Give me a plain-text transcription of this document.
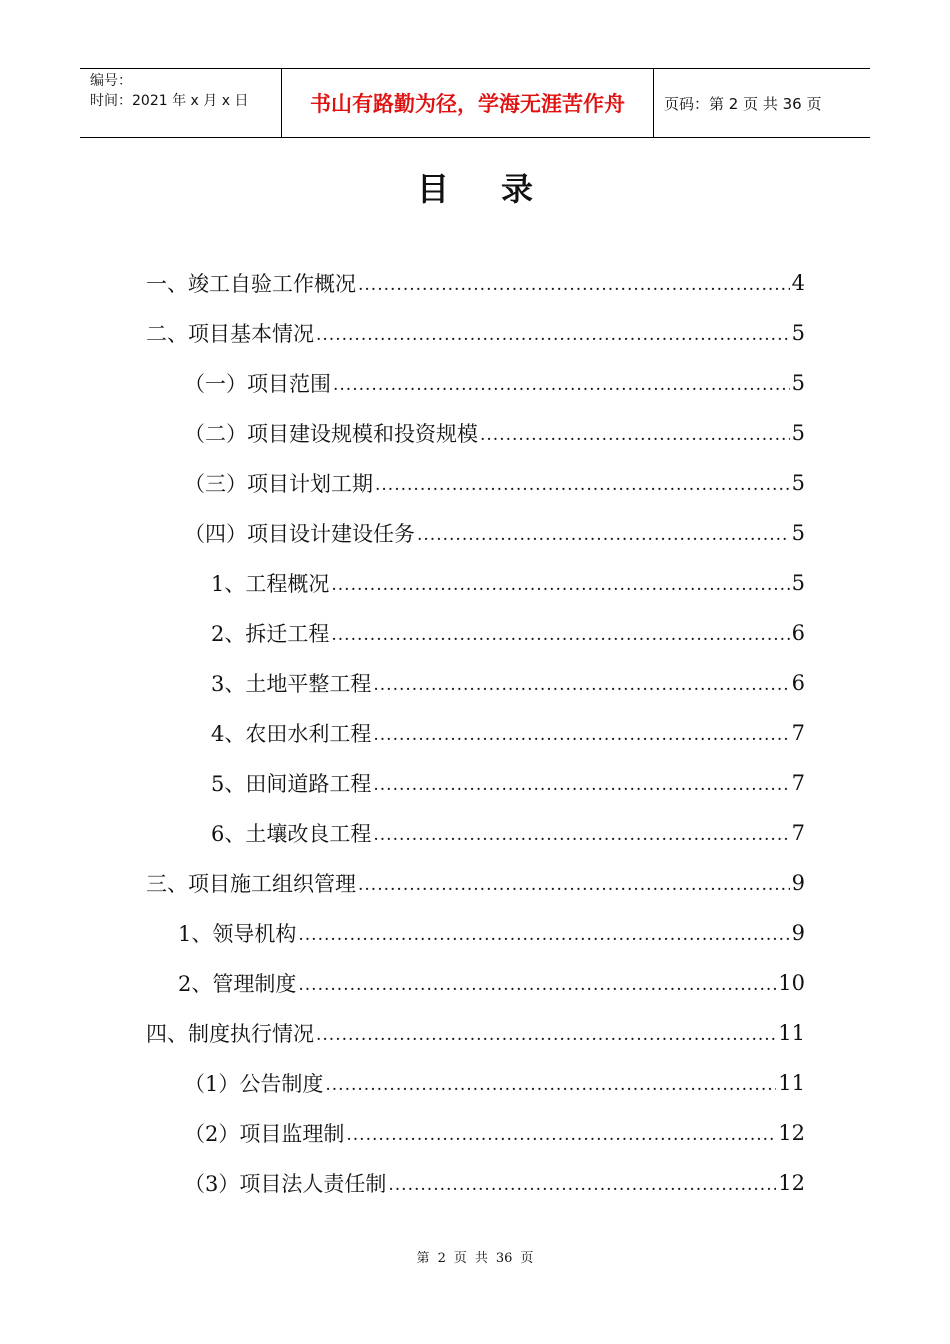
编号：
时间：2021 年 x 月 x 日	书山有路勤为径，学海无涯苦作舟	页码：第 2 页 共 36 页
目录
一、竣工自验工作概况 .....	4
二、项目基本情况 .....	5
（一）项目范围 .....	5
（二）项目建设规模和投资规模 .....	5
（三）项目计划工期 .....	5
（四）项目设计建设任务 .....	5
1、工程概况 .....	5
2、拆迁工程 .....	6
3、土地平整工程 .....	6
4、农田水利工程 .....	7
5、田间道路工程 .....	7
6、土壤改良工程 .....	7
三、项目施工组织管理 .....	9
1、领导机构 .....	9
2、管理制度 .....	10
四、制度执行情况 .....	11
（1）公告制度 .....	11
（2）项目监理制 .....	12
（3）项目法人责任制 .....	12
第 2 页 共 36 页
